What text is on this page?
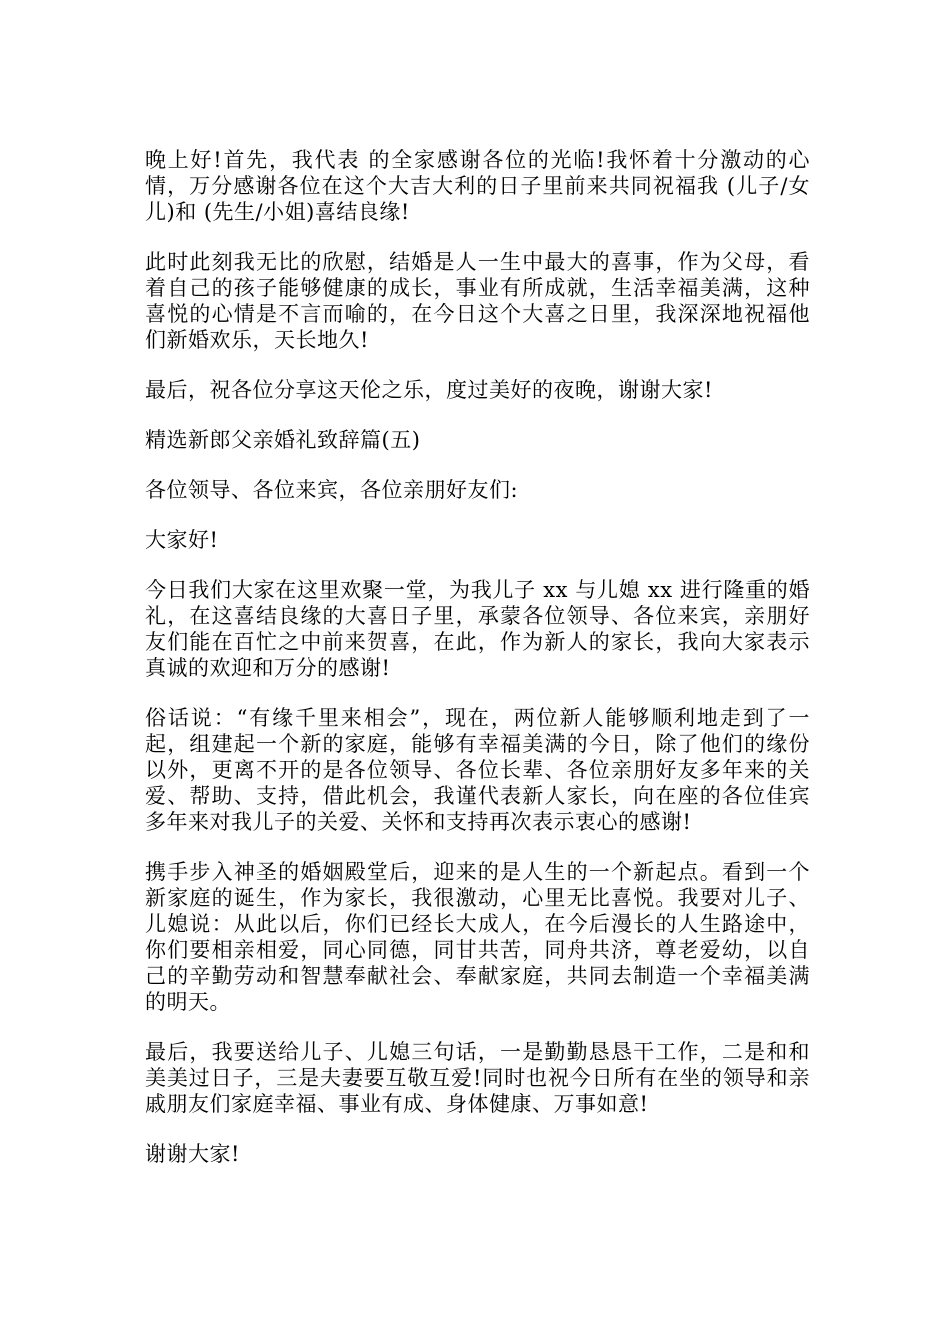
晚上好!首先，我代表 的全家感谢各位的光临!我怀着十分激动的心情，万分感谢各位在这个大吉大利的日子里前来共同祝福我 (儿子/女儿)和 (先生/小姐)喜结良缘!

此时此刻我无比的欣慰，结婚是人一生中最大的喜事，作为父母，看着自己的孩子能够健康的成长，事业有所成就，生活幸福美满，这种喜悦的心情是不言而喻的，在今日这个大喜之日里，我深深地祝福他们新婚欢乐，天长地久!

最后，祝各位分享这天伦之乐，度过美好的夜晚，谢谢大家!

精选新郎父亲婚礼致辞篇(五)

各位领导、各位来宾，各位亲朋好友们:

大家好!

今日我们大家在这里欢聚一堂，为我儿子 xx 与儿媳 xx 进行隆重的婚礼，在这喜结良缘的大喜日子里，承蒙各位领导、各位来宾，亲朋好友们能在百忙之中前来贺喜，在此，作为新人的家长，我向大家表示真诚的欢迎和万分的感谢!

俗话说：“有缘千里来相会”，现在，两位新人能够顺利地走到了一起，组建起一个新的家庭，能够有幸福美满的今日，除了他们的缘份以外，更离不开的是各位领导、各位长辈、各位亲朋好友多年来的关爱、帮助、支持，借此机会，我谨代表新人家长，向在座的各位佳宾多年来对我儿子的关爱、关怀和支持再次表示衷心的感谢!

携手步入神圣的婚姻殿堂后，迎来的是人生的一个新起点。看到一个新家庭的诞生，作为家长，我很激动，心里无比喜悦。我要对儿子、儿媳说：从此以后，你们已经长大成人，在今后漫长的人生路途中，你们要相亲相爱，同心同德，同甘共苦，同舟共济，尊老爱幼，以自己的辛勤劳动和智慧奉献社会、奉献家庭，共同去制造一个幸福美满的明天。

最后，我要送给儿子、儿媳三句话，一是勤勤恳恳干工作，二是和和美美过日子，三是夫妻要互敬互爱!同时也祝今日所有在坐的领导和亲戚朋友们家庭幸福、事业有成、身体健康、万事如意!

谢谢大家!
